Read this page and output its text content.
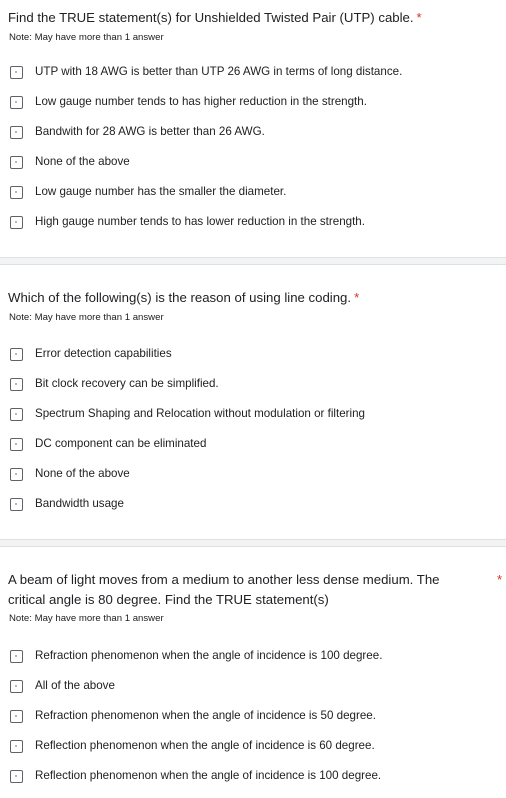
Find the TRUE statement(s) for Unshielded Twisted Pair (UTP) cable. *
Note: May have more than 1 answer
UTP with 18 AWG is better than UTP 26 AWG in terms of long distance.
Low gauge number tends to has higher reduction in the strength.
Bandwith for 28 AWG is better than 26 AWG.
None of the above
Low gauge number has the smaller the diameter.
High gauge number tends to has lower reduction in the strength.
Which of the following(s) is the reason of using line coding. *
Note: May have more than 1 answer
Error detection capabilities
Bit clock recovery can be simplified.
Spectrum Shaping and Relocation without modulation or filtering
DC component can be eliminated
None of the above
Bandwidth usage
A beam of light moves from a medium to another less dense medium. The critical angle is 80 degree. Find the TRUE statement(s)
*
Note: May have more than 1 answer
Refraction phenomenon when the angle of incidence is 100 degree.
All of the above
Refraction phenomenon when the angle of incidence is 50 degree.
Reflection phenomenon when the angle of incidence is 60 degree.
Reflection phenomenon when the angle of incidence is 100 degree.
